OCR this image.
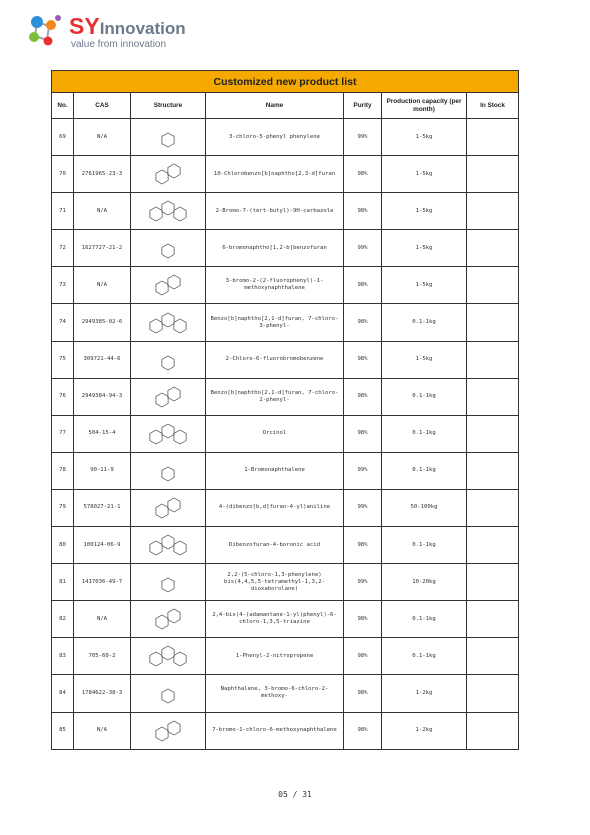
SYInnovation
value from innovation
Customized new product list						
No.	CAS	Structure	Name	Purity	Production capacity (per month)	In Stock
69	N/A		3-chloro-5-phenyl phenylene	99%	1-5kg	
70	2761965-23-3		10-Chlorobenzo[b]naphtho[2,3-d]furan	98%	1-5kg	
71	N/A		2-Bromo-7-(tert-butyl)-9H-carbazole	98%	1-5kg	
72	1627727-21-2		6-bromonaphtho[1,2-b]benzofuran	99%	1-5kg	
73	N/A		3-bromo-2-(2-fluorophenyl)-1-methoxynaphthalene	98%	1-5kg	
74	2949385-02-6		Benzo[b]naphtho[2,1-d]furan, 7-chloro-3-phenyl-	98%	0.1-1kg	
75	309721-44-6		2-Chloro-6-fluorobromobenzene	98%	1-5kg	
76	2949384-94-3		Benzo[b]naphtho[2,1-d]furan, 7-chloro-2-phenyl-	98%	0.1-1kg	
77	504-15-4		Orcinol	98%	0.1-1kg	
78	90-11-9		1-Bromonaphthalene	99%	0.1-1kg	
79	578027-21-1		4-(dibenzo[b,d]furan-4-yl)aniline	99%	50-100kg	
80	100124-06-9		Dibenzofuran-4-boronic acid	98%	0.1-1kg	
81	1417036-49-7		2,2-(5-chloro-1,3-phenylene) bis(4,4,5,5-tetramethyl-1,3,2-dioxaborolane)	99%	10-20kg	
82	N/A		2,4-bis(4-(adamantane-1-yl)phenyl)-6-chloro-1,3,5-triazine	98%	0.1-1kg	
83	705-60-2		1-Phenyl-2-nitropropene	98%	0.1-1kg	
84	1784622-38-3		Naphthalene, 3-bromo-6-chloro-2-methoxy-	98%	1-2kg	
85	N/A		7-bromo-1-chloro-6-methoxynaphthalene	98%	1-2kg	
05 / 31
